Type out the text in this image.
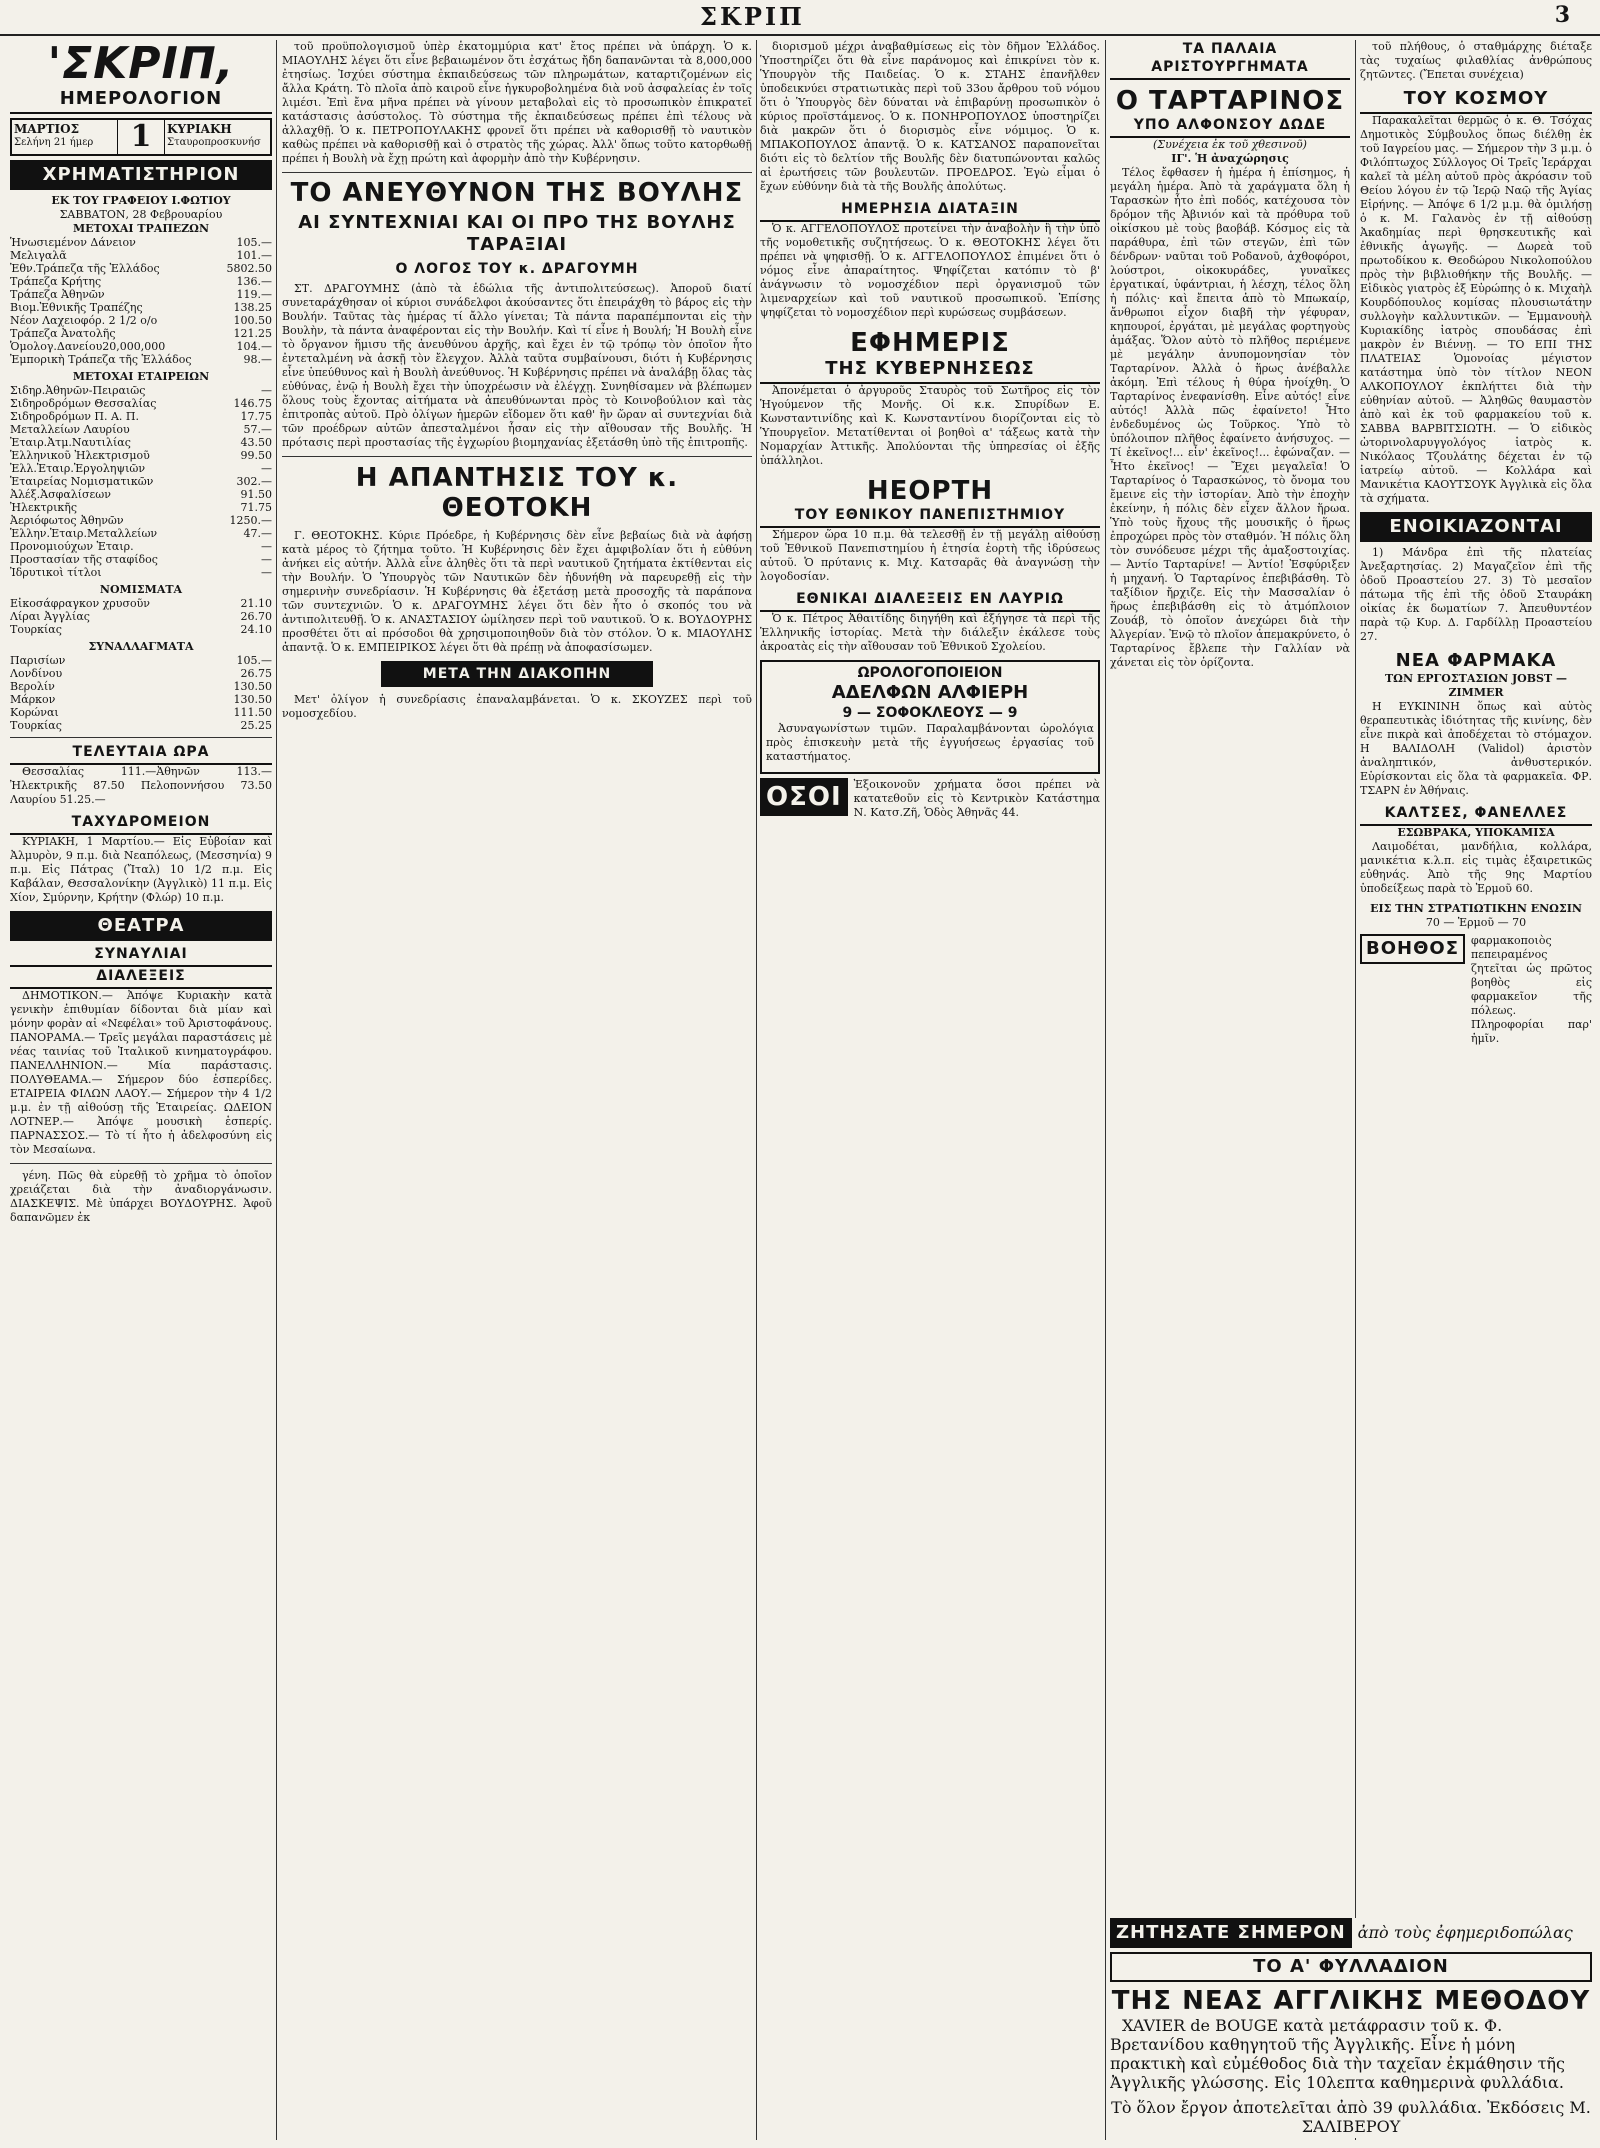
ΣΚΡΙΠ	3
'ΣΚΡΙΠ,
ΗΜΕΡΟΛΟΓΙΟΝ
ΜΑΡΤΙΟΣ
Σελήνη 21 ήμερ	1	ΚΥΡΙΑΚΗ
Σταυροπροσκυνήσ
ΧΡΗΜΑΤΙΣΤΗΡΙΟΝ
ΕΚ ΤΟΥ ΓΡΑΦΕΙΟΥ Ι.ΦΩΤΙΟΥ
ΣΑΒΒΑΤΟΝ, 28 Φεβρουαρίου
ΜΕΤΟΧΑΙ ΤΡΑΠΕΖΩΝ
Ἡνωσιεμένον Δάνειον	105.—
Μελιγαλᾶ	101.—
Ἐθν.Τράπεζα τῆς Ἑλλάδος	5802.50
Τράπεζα Κρήτης	136.—
Τράπεζα Ἀθηνῶν	119.—
Βιομ.Ἐθνικῆς Τραπέζης	138.25
Νέον Λαχειοφόρ. 2 1/2 ο/ο	100.50
Τράπεζα Ἀνατολῆς	121.25
Ὁμολογ.Δανείου20,000,000	104.—
Ἐμπορικὴ Τράπεζα τῆς Ἑλλάδος	98.—
ΜΕΤΟΧΑΙ ΕΤΑΙΡΕΙΩΝ
Σιδηρ.Ἀθηνῶν-Πειραιῶς	—
Σιδηροδρόμων Θεσσαλίας	146.75
Σιδηροδρόμων Π. Α. Π.	17.75
Μεταλλείων Λαυρίου	57.—
Ἐταιρ.Ἀτμ.Ναυτιλίας	43.50
Ἑλληνικοῦ Ἠλεκτρισμοῦ	99.50
Ἐλλ.Ἑταιρ.Ἐργοληψιῶν	—
Ἑταιρείας Νομισματικῶν	302.—
Ἀλέξ.Ἀσφαλίσεων	91.50
Ἠλεκτρικῆς	71.75
Ἀεριόφωτος Ἀθηνῶν	1250.—
Ἑλλην.Ἑταιρ.Μεταλλείων	47.—
Προνομιούχων Ἑταιρ.	—
Προστασίαν τῆς σταφίδος	—
Ἰδρυτικοὶ τίτλοι	—
ΝΟΜΙΣΜΑΤΑ
Εἰκοσάφραγκον χρυσοῦν	21.10
Λίραι Ἀγγλίας	26.70
Τουρκίας	24.10
ΣΥΝΑΛΛΑΓΜΑΤΑ
Παρισίων	105.—
Λονδίνου	26.75
Βερολίν	130.50
Μάρκον	130.50
Κορώναι	111.50
Τουρκίας	25.25
ΤΕΛΕΥΤΑΙΑ ΩΡΑ

Θεσσαλίας 111.—Ἀθηνῶν 113.— Ἠλεκτρικῆς 87.50 Πελοποννήσου 73.50 Λαυρίου 51.25.—

ΤΑΧΥΔΡΟΜΕΙΟΝ

ΚΥΡΙΑΚΗ, 1 Μαρτίου.— Εἰς Εὐβοίαν καὶ Ἀλμυρὸν, 9 π.μ. διὰ Νεαπόλεως, (Μεσσηνία) 9 π.μ. Εἰς Πάτρας (Ἴταλ) 10 1/2 π.μ. Εἰς Καβάλαν, Θεσσαλονίκην (Ἀγγλικὸ) 11 π.μ. Εἰς Χίον, Σμύρνην, Κρήτην (Φλώρ) 10 π.μ.

ΘΕΑΤΡΑ
ΣΥΝΑΥΛΙΑΙ
ΔΙΑΛΕΞΕΙΣ

ΔΗΜΟΤΙΚΟΝ.— Ἀπόψε Κυριακὴν κατὰ γενικὴν ἐπιθυμίαν δίδονται διὰ μίαν καὶ μόνην φορὰν αἱ «Νεφέλαι» τοῦ Ἀριστοφάνους. ΠΑΝΟΡΑΜΑ.— Τρεῖς μεγάλαι παραστάσεις μὲ νέας ταινίας τοῦ Ἰταλικοῦ κινηματογράφου. ΠΑΝΕΛΛΗΝΙΟΝ.— Μία παράστασις. ΠΟΛΥΘΕΑΜΑ.— Σήμερον δύο ἑσπερίδες. ΕΤΑΙΡΕΙΑ ΦΙΛΩΝ ΛΑΟΥ.— Σήμερον τὴν 4 1/2 μ.μ. ἐν τῇ αἰθούσῃ τῆς Ἑταιρείας. ΩΔΕΙΟΝ ΛΟΤΝΕΡ.— Ἀπόψε μουσικὴ ἑσπερίς. ΠΑΡΝΑΣΣΟΣ.— Τὸ τί ἦτο ἡ ἀδελφοσύνη εἰς τὸν Μεσαίωνα.

γένη. Πῶς θὰ εὑρεθῇ τὸ χρῆμα τὸ ὁποῖον χρειάζεται διὰ τὴν ἀναδιοργάνωσιν. ΔΙΑΣΚΕΨΙΣ. Μὲ ὑπάρχει ΒΟΥΔΟΥΡΗΣ. Ἀφοῦ δαπανῶμεν ἐκ

τοῦ προϋπολογισμοῦ ὑπὲρ ἑκατομμύρια κατ' ἔτος πρέπει νὰ ὑπάρχη. Ὁ κ. ΜΙΑΟΥΛΗΣ λέγει ὅτι εἶνε βεβαιωμένον ὅτι ἐσχάτως ἤδη δαπανῶνται τὰ 8,000,000 ἐτησίως. Ἰσχύει σύστημα ἐκπαιδεύσεως τῶν πληρωμάτων, καταρτιζομένων εἰς ἄλλα Κράτη. Τὸ πλοῖα ἀπὸ καιροῦ εἶνε ἠγκυροβολημένα διὰ νοῦ ἀσφαλείας ἐν τοῖς λιμέσι. Ἐπὶ ἔνα μῆνα πρέπει νὰ γίνουν μεταβολαὶ εἰς τὸ προσωπικὸν ἐπικρατεῖ κατάστασις ἀσύστολος. Τὸ σύστημα τῆς ἐκπαιδεύσεως πρέπει ἐπὶ τέλους νὰ ἀλλαχθῇ. Ὁ κ. ΠΕΤΡΟΠΟΥΛΑΚΗΣ φρονεῖ ὅτι πρέπει νὰ καθορισθῇ τὸ ναυτικὸν καθὼς πρέπει νὰ καθορισθῇ καὶ ὁ στρατὸς τῆς χώρας. Ἀλλ' ὅπως τοῦτο κατορθωθῇ πρέπει ἡ Βουλὴ νὰ ἔχῃ πρώτη καὶ ἀφορμὴν ἀπὸ τὴν Κυβέρνησιν.

ΤΟ ΑΝΕΥΘΥΝΟΝ ΤΗΣ ΒΟΥΛΗΣ
ΑΙ ΣΥΝΤΕΧΝΙΑΙ ΚΑΙ ΟΙ ΠΡΟ ΤΗΣ ΒΟΥΛΗΣ ΤΑΡΑΞΙΑΙ
Ο ΛΟΓΟΣ ΤΟΥ κ. ΔΡΑΓΟΥΜΗ

ΣΤ. ΔΡΑΓΟΥΜΗΣ (ἀπὸ τὰ ἑδώλια τῆς ἀντιπολιτεύσεως). Ἀποροῦ διατί συνεταράχθησαν οἱ κύριοι συνάδελφοι ἀκούσαντες ὅτι ἐπειράχθη τὸ βάρος εἰς τὴν Βουλήν. Ταῦτας τὰς ἡμέρας τί ἄλλο γίνεται; Τὰ πάντα παραπέμπονται εἰς τὴν Βουλὴν, τὰ πάντα ἀναφέρονται εἰς τὴν Βουλήν. Καὶ τί εἶνε ἡ Βουλή; Ἡ Βουλὴ εἶνε τὸ ὄργανον ἥμισυ τῆς ἀνευθύνου ἀρχῆς, καὶ ἔχει ἐν τῷ τρόπῳ τὸν ὁποῖον ἦτο ἐντεταλμένη νὰ ἀσκῇ τὸν ἔλεγχον. Ἀλλὰ ταῦτα συμβαίνουσι, διότι ἡ Κυβέρνησις εἶνε ὑπεύθυνος καὶ ἡ Βουλὴ ἀνεύθυνος. Ἡ Κυβέρνησις πρέπει νὰ ἀναλάβῃ ὅλας τὰς εὐθύνας, ἐνῷ ἡ Βουλὴ ἔχει τὴν ὑποχρέωσιν νὰ ἐλέγχῃ. Συνηθίσαμεν νὰ βλέπωμεν ὅλους τοὺς ἔχοντας αἰτήματα νὰ ἀπευθύνωνται πρὸς τὸ Κοινοβούλιον καὶ τὰς ἐπιτροπὰς αὐτοῦ. Πρὸ ὀλίγων ἡμερῶν εἴδομεν ὅτι καθ' ἣν ὥραν αἱ συντεχνίαι διὰ τῶν προέδρων αὐτῶν ἀπεσταλμένοι ἦσαν εἰς τὴν αἴθουσαν τῆς Βουλῆς. Ἡ πρότασις περὶ προστασίας τῆς ἐγχωρίου βιομηχανίας ἐξετάσθη ὑπὸ τῆς ἐπιτροπῆς.

Η ΑΠΑΝΤΗΣΙΣ ΤΟΥ κ. ΘΕΟΤΟΚΗ

Γ. ΘΕΟΤΟΚΗΣ. Κύριε Πρόεδρε, ἡ Κυβέρνησις δὲν εἶνε βεβαίως διὰ νὰ ἀφήσῃ κατὰ μέρος τὸ ζήτημα τοῦτο. Ἡ Κυβέρνησις δὲν ἔχει ἀμφιβολίαν ὅτι ἡ εὐθύνη ἀνήκει εἰς αὐτήν. Ἀλλὰ εἶνε ἀληθὲς ὅτι τὰ περὶ ναυτικοῦ ζητήματα ἐκτίθενται εἰς τὴν Βουλήν. Ὁ Ὑπουργὸς τῶν Ναυτικῶν δὲν ἠδυνήθη νὰ παρευρεθῇ εἰς τὴν σημερινὴν συνεδρίασιν. Ἡ Κυβέρνησις θὰ ἐξετάσῃ μετὰ προσοχῆς τὰ παράπονα τῶν συντεχνιῶν. Ὁ κ. ΔΡΑΓΟΥΜΗΣ λέγει ὅτι δὲν ἦτο ὁ σκοπός του νὰ ἀντιπολιτευθῇ. Ὁ κ. ΑΝΑΣΤΑΣΙΟΥ ὡμίλησεν περὶ τοῦ ναυτικοῦ. Ὁ κ. ΒΟΥΔΟΥΡΗΣ προσθέτει ὅτι αἱ πρόσοδοι θὰ χρησιμοποιηθοῦν διὰ τὸν στόλον. Ὁ κ. ΜΙΑΟΥΛΗΣ ἀπαντᾷ. Ὁ κ. ΕΜΠΕΙΡΙΚΟΣ λέγει ὅτι θὰ πρέπῃ νὰ ἀποφασίσωμεν.

ΜΕΤΑ ΤΗΝ ΔΙΑΚΟΠΗΝ

Μετ' ὀλίγον ἡ συνεδρίασις ἐπαναλαμβάνεται. Ὁ κ. ΣΚΟΥΖΕΣ περὶ τοῦ νομοσχεδίου.

διορισμοῦ μέχρι ἀναβαθμίσεως εἰς τὸν δῆμον Ἑλλάδος. Ὑποστηρίζει ὅτι θὰ εἶνε παράνομος καὶ ἐπικρίνει τὸν κ. Ὑπουργὸν τῆς Παιδείας. Ὁ κ. ΣΤΑΗΣ ἐπανῆλθεν ὑποδεικνύει στρατιωτικὰς περὶ τοῦ 33ου ἄρθρου τοῦ νόμου ὅτι ὁ Ὑπουργὸς δὲν δύναται νὰ ἐπιβαρύνῃ προσωπικὸν ὁ κύριος προϊστάμενος. Ὁ κ. ΠΟΝΗΡΟΠΟΥΛΟΣ ὑποστηρίζει διὰ μακρῶν ὅτι ὁ διορισμὸς εἶνε νόμιμος. Ὁ κ. ΜΠΑΚΟΠΟΥΛΟΣ ἀπαντᾷ. Ὁ κ. ΚΑΤΣΑΝΟΣ παραπονεῖται διότι εἰς τὸ δελτίον τῆς Βουλῆς δὲν διατυπώνονται καλῶς αἱ ἐρωτήσεις τῶν βουλευτῶν. ΠΡΟΕΔΡΟΣ. Ἐγὼ εἶμαι ὁ ἔχων εὐθύνην διὰ τὰ τῆς Βουλῆς ἀπολύτως.

ΗΜΕΡΗΣΙΑ ΔΙΑΤΑΞΙΝ

Ὁ κ. ΑΓΓΕΛΟΠΟΥΛΟΣ προτείνει τὴν ἀναβολὴν ἢ τὴν ὑπὸ τῆς νομοθετικῆς συζητήσεως. Ὁ κ. ΘΕΟΤΟΚΗΣ λέγει ὅτι πρέπει νὰ ψηφισθῇ. Ὁ κ. ΑΓΓΕΛΟΠΟΥΛΟΣ ἐπιμένει ὅτι ὁ νόμος εἶνε ἀπαραίτητος. Ψηφίζεται κατόπιν τὸ β' ἀνάγνωσιν τὸ νομοσχέδιον περὶ ὀργανισμοῦ τῶν λιμεναρχείων καὶ τοῦ ναυτικοῦ προσωπικοῦ. Ἐπίσης ψηφίζεται τὸ νομοσχέδιον περὶ κυρώσεως συμβάσεων.

ΕΦΗΜΕΡΙΣ
ΤΗΣ ΚΥΒΕΡΝΗΣΕΩΣ

Ἀπονέμεται ὁ ἀργυροῦς Σταυρὸς τοῦ Σωτῆρος εἰς τὸν Ἡγούμενον τῆς Μονῆς. Οἱ κ.κ. Σπυρίδων Ε. Κωνσταντινίδης καὶ Κ. Κωνσταντίνου διορίζονται εἰς τὸ Ὑπουργεῖον. Μετατίθενται οἱ βοηθοὶ α' τάξεως κατὰ τὴν Νομαρχίαν Ἀττικῆς. Ἀπολύονται τῆς ὑπηρεσίας οἱ ἑξῆς ὑπάλληλοι.

ΗΕΟΡΤΗ
ΤΟΥ ΕΘΝΙΚΟΥ ΠΑΝΕΠΙΣΤΗΜΙΟΥ

Σήμερον ὥρα 10 π.μ. θὰ τελεσθῇ ἐν τῇ μεγάλῃ αἰθούσῃ τοῦ Ἐθνικοῦ Πανεπιστημίου ἡ ἐτησία ἑορτὴ τῆς ἱδρύσεως αὐτοῦ. Ὁ πρύτανις κ. Μιχ. Κατσαρᾶς θὰ ἀναγνώσῃ τὴν λογοδοσίαν.

ΕΘΝΙΚΑΙ ΔΙΑΛΕΞΕΙΣ ΕΝ ΛΑΥΡΙΩ

Ὁ κ. Πέτρος Ἀθαιτίδης διηγήθη καὶ ἐξήγησε τὰ περὶ τῆς Ἑλληνικῆς ἱστορίας. Μετὰ τὴν διάλεξιν ἐκάλεσε τοὺς ἀκροατὰς εἰς τὴν αἴθουσαν τοῦ Ἐθνικοῦ Σχολείου.

ΩΡΟΛΟΓΟΠΟΙΕΙΟΝ
ΑΔΕΛΦΩΝ ΑΛΦΙΕΡΗ
9 — ΣΟΦΟΚΛΕΟΥΣ — 9

Ἀσυναγωνίστων τιμῶν. Παραλαμβάνονται ὡρολόγια πρὸς ἐπισκευὴν μετὰ τῆς ἐγγυήσεως ἐργασίας τοῦ καταστήματος.

ΟΣΟΙ	Ἐξοικονοῦν χρήματα ὅσοι πρέπει νὰ κατατεθοῦν εἰς τὸ Κεντρικὸν Κατάστημα Ν. Κατσ.Ζῆ, Ὁδὸς Ἀθηνᾶς 44.

ΤΑ ΠΑΛΑΙΑ ΑΡΙΣΤΟΥΡΓΗΜΑΤΑ
Ο ΤΑΡΤΑΡΙΝΟΣ
ΥΠΟ ΑΛΦΟΝΣΟΥ ΔΩΔΕ
(Συνέχεια ἐκ τοῦ χθεσινοῦ)
ΙΓ'. Ἡ ἀναχώρησις

Τέλος ἔφθασεν ἡ ἡμέρα ἡ ἐπίσημος, ἡ μεγάλη ἡμέρα. Ἀπὸ τὰ χαράγματα ὅλη ἡ Ταρασκὼν ἦτο ἐπὶ ποδός, κατέχουσα τὸν δρόμον τῆς Ἀβινιόν καὶ τὰ πρόθυρα τοῦ οἰκίσκου μὲ τοὺς βαοβάβ. Κόσμος εἰς τὰ παράθυρα, ἐπὶ τῶν στεγῶν, ἐπὶ τῶν δένδρων· ναῦται τοῦ Ροδανοῦ, ἀχθοφόροι, λούστροι, οἰκοκυράδες, γυναῖκες ἐργατικαί, ὑφάντριαι, ἡ λέσχη, τέλος ὅλη ἡ πόλις· καὶ ἔπειτα ἀπὸ τὸ Μπωκαίρ, ἄνθρωποι εἶχον διαβῆ τὴν γέφυραν, κηπουροί, ἐργάται, μὲ μεγάλας φορτηγοὺς ἁμάξας. Ὅλον αὐτὸ τὸ πλῆθος περιέμενε μὲ μεγάλην ἀνυπομονησίαν τὸν Ταρταρίνον. Ἀλλὰ ὁ ἥρως ἀνέβαλλε ἀκόμη. Ἐπὶ τέλους ἡ θύρα ἠνοίχθη. Ὁ Ταρταρίνος ἐνεφανίσθη. Εἶνε αὐτός! εἶνε αὐτός! Ἀλλὰ πῶς ἐφαίνετο! Ἦτο ἐνδεδυμένος ὡς Τοῦρκος. Ὑπὸ τὸ ὑπόλοιπον πλῆθος ἐφαίνετο ἀνήσυχος. — Τί ἐκεῖνος!... εἶν' ἐκεῖνος!... ἐφώναζαν. — Ἦτο ἐκεῖνος! — Ἔχει μεγαλεῖα! Ὁ Ταρταρίνος ὁ Ταρασκώνος, τὸ ὄνομα του ἔμεινε εἰς τὴν ἱστορίαν. Ἀπὸ τὴν ἐποχὴν ἐκείνην, ἡ πόλις δὲν εἶχεν ἄλλον ἥρωα. Ὑπὸ τοὺς ἤχους τῆς μουσικῆς ὁ ἥρως ἐπροχώρει πρὸς τὸν σταθμόν. Ἡ πόλις ὅλη τὸν συνόδευσε μέχρι τῆς ἀμαξοστοιχίας. — Ἀντίο Ταρταρίνε! — Ἀντίο! Ἐσφύριξεν ἡ μηχανή. Ὁ Ταρταρίνος ἐπεβιβάσθη. Τὸ ταξίδιον ἤρχιζε. Εἰς τὴν Μασσαλίαν ὁ ἥρως ἐπεβιβάσθη εἰς τὸ ἀτμόπλοιον Ζουάβ, τὸ ὁποῖον ἀνεχώρει διὰ τὴν Ἀλγερίαν. Ἐνῷ τὸ πλοῖον ἀπεμακρύνετο, ὁ Ταρταρίνος ἔβλεπε τὴν Γαλλίαν νὰ χάνεται εἰς τὸν ὁρίζοντα.

τοῦ πλήθους, ὁ σταθμάρχης διέταξε τὰς τυχαίως φιλαθλίας ἀνθρώπους ζητῶντες. (Ἔπεται συνέχεια)

ΤΟΥ ΚΟΣΜΟΥ

Παρακαλεῖται θερμῶς ὁ κ. Θ. Τσόχας Δημοτικὸς Σύμβουλος ὅπως διέλθῃ ἐκ τοῦ Ιαγρείου μας. — Σήμερον τὴν 3 μ.μ. ὁ Φιλόπτωχος Σύλλογος Οἱ Τρεῖς Ἱεράρχαι καλεῖ τὰ μέλη αὐτοῦ πρὸς ἀκρόασιν τοῦ Θείου λόγου ἐν τῷ Ἱερῷ Ναῷ τῆς Ἁγίας Εἰρήνης. — Ἀπόψε 6 1/2 μ.μ. θὰ ὁμιλήσῃ ὁ κ. Μ. Γαλανὸς ἐν τῇ αἰθούσῃ Ἀκαδημίας περὶ θρησκευτικῆς καὶ ἐθνικῆς ἀγωγῆς. — Δωρεὰ τοῦ πρωτοδίκου κ. Θεοδώρου Νικολοπούλου πρὸς τὴν βιβλιοθήκην τῆς Βουλῆς. — Εἰδικὸς γιατρὸς ἐξ Εὐρώπης ὁ κ. Μιχαὴλ Κουρδόπουλος κομίσας πλουσιωτάτην συλλογὴν καλλυντικῶν. — Ἐμμανουὴλ Κυριακίδης ἰατρὸς σπουδάσας ἐπὶ μακρὸν ἐν Βιέννῃ. — ΤΟ ΕΠΙ ΤΗΣ ΠΛΑΤΕΙΑΣ Ὁμονοίας μέγιστον κατάστημα ὑπὸ τὸν τίτλον ΝΕΟΝ ΑΛΚΟΠΟΥΛΟΥ ἐκπλήττει διὰ τὴν εὐθηνίαν αὐτοῦ. — Ἀληθῶς θαυμαστὸν ἀπὸ καὶ ἐκ τοῦ φαρμακείου τοῦ κ. ΣΑΒΒΑ ΒΑΡΒΙΤΣΙΩΤΗ. — Ὁ εἰδικὸς ὠτορινολαρυγγολόγος ἰατρὸς κ. Νικόλαος Τζουλάτης δέχεται ἐν τῷ ἰατρείῳ αὐτοῦ. — Κολλάρα καὶ Μανικέτια ΚΑΟΥΤΣΟΥΚ Ἀγγλικὰ εἰς ὅλα τὰ σχήματα.

ΕΝΟΙΚΙΑΖΟΝΤΑΙ

1) Μάνδρα ἐπὶ τῆς πλατείας Ἀνεξαρτησίας. 2) Μαγαζεῖον ἐπὶ τῆς ὁδοῦ Προαστείου 27. 3) Τὸ μεσαῖον πάτωμα τῆς ἐπὶ τῆς ὁδοῦ Σταυράκη οἰκίας ἐκ δωματίων 7. Ἀπευθυντέον παρὰ τῷ Κυρ. Δ. Γαρδίλλῃ Προαστείου 27.

ΝΕΑ ΦΑΡΜΑΚΑ
ΤΩΝ ΕΡΓΟΣΤΑΣΙΩΝ JOBST — ZIMMER

Η ΕΥΚΙΝΙΝΗ ὅπως καὶ αὐτὸς θεραπευτικὰς ἰδιότητας τῆς κινίνης, δὲν εἶνε πικρὰ καὶ ἀποδέχεται τὸ στόμαχον. Η ΒΑΛΙΔΟΛΗ (Validol) ἀριστὸν ἀναληπτικόν, ἀνθυστερικόν. Εὑρίσκονται εἰς ὅλα τὰ φαρμακεῖα. ΦΡ. ΤΣΑΡΝ ἐν Ἀθήναις.

ΚΑΛΤΣΕΣ, ΦΑΝΕΛΛΕΣ
ΕΣΩΒΡΑΚΑ, ΥΠΟΚΑΜΙΣΑ

Λαιμοδέται, μανδήλια, κολλάρα, μανικέτια κ.λ.π. εἰς τιμὰς ἐξαιρετικῶς εὐθηνάς. Ἀπὸ τῆς 9ης Μαρτίου ὑποδείξεως παρὰ τὸ Ἑρμοῦ 60.

ΕΙΣ ΤΗΝ ΣΤΡΑΤΙΩΤΙΚΗΝ ΕΝΩΣΙΝ
70 — Ἑρμοῦ — 70
ΒΟΗΘΟΣ	φαρμακοποιὸς πεπειραμένος ζητεῖται ὡς πρῶτος βοηθὸς εἰς φαρμακεῖον τῆς πόλεως. Πληροφορίαι παρ' ἡμῖν.

ΖΗΤΗΣΑΤΕ ΣΗΜΕΡΟΝ ἀπὸ τοὺς ἐφημεριδοπώλας
ΤΟ Α' ΦΥΛΛΑΔΙΟΝ
ΤΗΣ ΝΕΑΣ ΑΓΓΛΙΚΗΣ ΜΕΘΟΔΟΥ

XAVIER de BOUGE κατὰ μετάφρασιν τοῦ κ. Φ. Βρετανίδου καθηγητοῦ τῆς Ἀγγλικῆς. Εἶνε ἡ μόνη πρακτικὴ καὶ εὐμέθοδος διὰ τὴν ταχεῖαν ἐκμάθησιν τῆς Ἀγγλικῆς γλώσσης. Εἰς 10λεπτα καθημερινὰ φυλλάδια.

Τὸ ὅλον ἔργον ἀποτελεῖται ἀπὸ 39 φυλλάδια. Ἐκδόσεις Μ. ΣΑΛΙΒΕΡΟΥ
